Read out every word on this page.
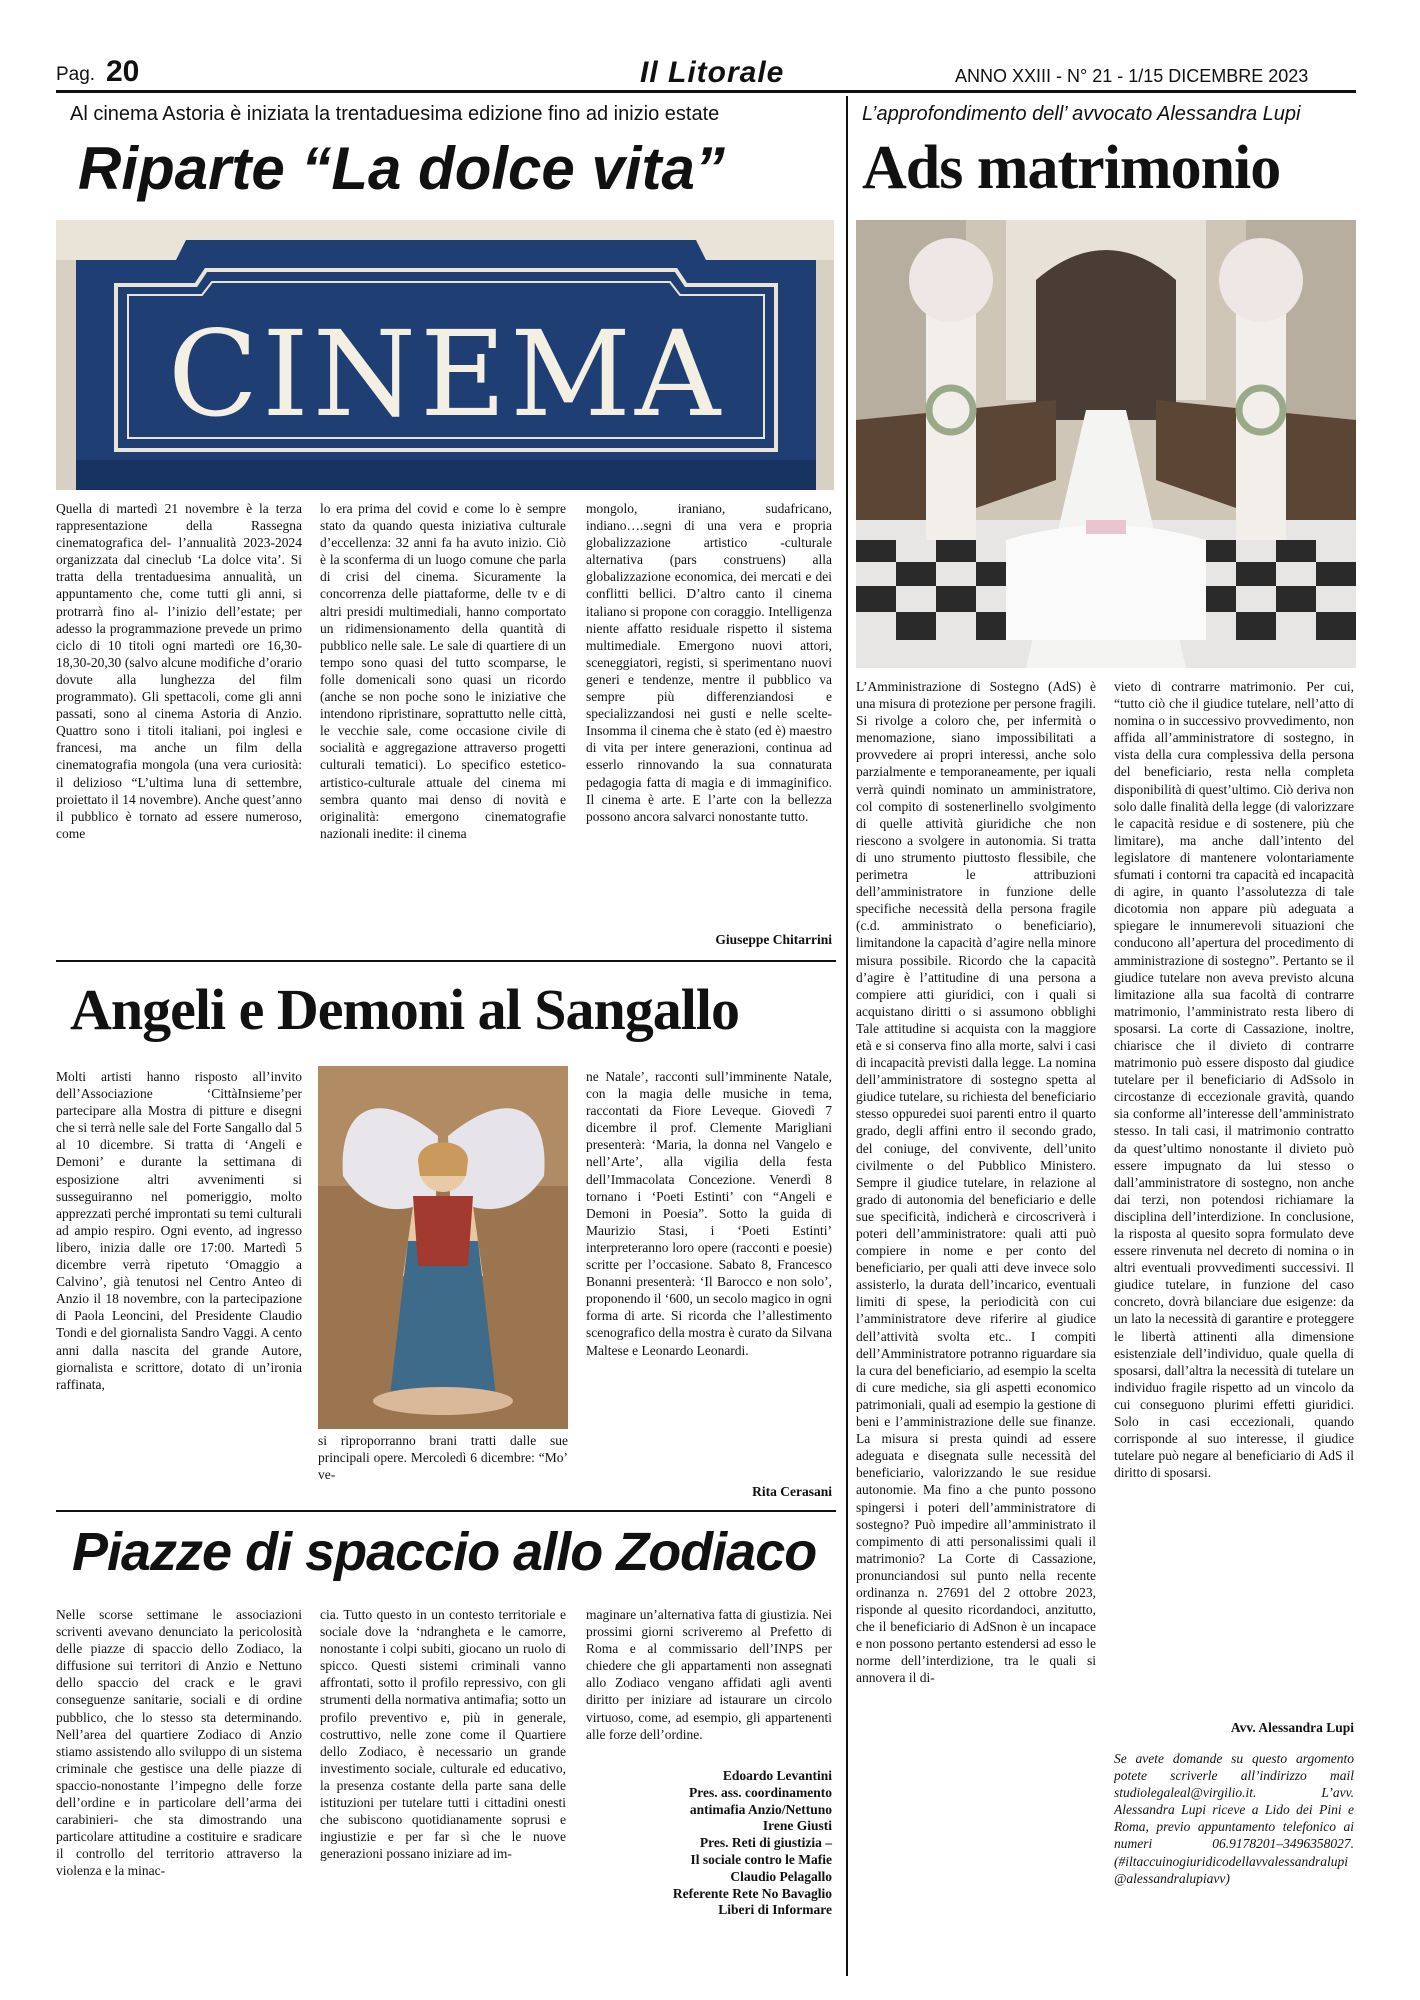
Pag. 20	Il Litorale	ANNO XXIII - N° 21 - 1/15 DICEMBRE 2023
Al cinema Astoria è iniziata la trentaduesima edizione fino ad inizio estate
Riparte “La dolce vita”
CINEMA

Quella di martedì 21 novembre è la terza rappresentazione della Rassegna cinematografica del- l’annualità 2023-2024 organizzata dal cineclub ‘La dolce vita’. Si tratta della trentaduesima annualità, un appuntamento che, come tutti gli anni, si protrarrà fino al- l’inizio dell’estate; per adesso la programmazione prevede un primo ciclo di 10 titoli ogni martedì ore 16,30-18,30-20,30 (salvo alcune modifiche d’orario dovute alla lunghezza del film programmato). Gli spettacoli, come gli anni passati, sono al cinema Astoria di Anzio. Quattro sono i titoli italiani, poi inglesi e francesi, ma anche un film della cinematografia mongola (una vera curiosità: il delizioso “L’ultima luna di settembre, proiettato il 14 novembre). Anche quest’anno il pubblico è tornato ad essere numeroso, come

lo era prima del covid e come lo è sempre stato da quando questa iniziativa culturale d’eccellenza: 32 anni fa ha avuto inizio. Ciò è la sconferma di un luogo comune che parla di crisi del cinema. Sicuramente la concorrenza delle piattaforme, delle tv e di altri presidi multimediali, hanno comportato un ridimensionamento della quantità di pubblico nelle sale. Le sale di quartiere di un tempo sono quasi del tutto scomparse, le folle domenicali sono quasi un ricordo (anche se non poche sono le iniziative che intendono ripristinare, soprattutto nelle città, le vecchie sale, come occasione civile di socialità e aggregazione attraverso progetti culturali tematici). Lo specifico estetico-artistico-culturale attuale del cinema mi sembra quanto mai denso di novità e originalità: emergono cinematografie nazionali inedite: il cinema

mongolo, iraniano, sudafricano, indiano….segni di una vera e propria globalizzazione artistico -culturale alternativa (pars construens) alla globalizzazione economica, dei mercati e dei conflitti bellici. D’altro canto il cinema italiano si propone con coraggio. Intelligenza niente affatto residuale rispetto il sistema multimediale. Emergono nuovi attori, sceneggiatori, registi, si sperimentano nuovi generi e tendenze, mentre il pubblico va sempre più differenziandosi e specializzandosi nei gusti e nelle scelte- Insomma il cinema che è stato (ed è) maestro di vita per intere generazioni, continua ad esserlo rinnovando la sua connaturata pedagogia fatta di magia e di immaginifico. Il cinema è arte. E l’arte con la bellezza possono ancora salvarci nonostante tutto.

Giuseppe Chitarrini
Angeli e Demoni al Sangallo

Molti artisti hanno risposto all’invito dell’Associazione ‘CittàInsieme’per partecipare alla Mostra di pitture e disegni che si terrà nelle sale del Forte Sangallo dal 5 al 10 dicembre. Si tratta di ‘Angeli e Demoni’ e durante la settimana di esposizione altri avvenimenti si susseguiranno nel pomeriggio, molto apprezzati perché improntati su temi culturali ad ampio respiro. Ogni evento, ad ingresso libero, inizia dalle ore 17:00. Martedì 5 dicembre verrà ripetuto ‘Omaggio a Calvino’, già tenutosi nel Centro Anteo di Anzio il 18 novembre, con la partecipazione di Paola Leoncini, del Presidente Claudio Tondi e del giornalista Sandro Vaggi. A cento anni dalla nascita del grande Autore, giornalista e scrittore, dotato di un’ironia raffinata,

si riproporranno brani tratti dalle sue principali opere. Mercoledì 6 dicembre: “Mo’ ve-

ne Natale’, racconti sull’imminente Natale, con la magia delle musiche in tema, raccontati da Fiore Leveque. Giovedì 7 dicembre il prof. Clemente Marigliani presenterà: ‘Maria, la donna nel Vangelo e nell’Arte’, alla vigilia della festa dell’Immacolata Concezione. Venerdì 8 tornano i ‘Poeti Estinti’ con “Angeli e Demoni in Poesia”. Sotto la guida di Maurizio Stasi, i ‘Poeti Estinti’ interpreteranno loro opere (racconti e poesie) scritte per l’occasione. Sabato 8, Francesco Bonanni presenterà: ‘Il Barocco e non solo’, proponendo il ‘600, un secolo magico in ogni forma di arte. Si ricorda che l’allestimento scenografico della mostra è curato da Silvana Maltese e Leonardo Leonardi.

Rita Cerasani
Piazze di spaccio allo Zodiaco

Nelle scorse settimane le associazioni scriventi avevano denunciato la pericolosità delle piazze di spaccio dello Zodiaco, la diffusione sui territori di Anzio e Nettuno dello spaccio del crack e le gravi conseguenze sanitarie, sociali e di ordine pubblico, che lo stesso sta determinando. Nell’area del quartiere Zodiaco di Anzio stiamo assistendo allo sviluppo di un sistema criminale che gestisce una delle piazze di spaccio-nonostante l’impegno delle forze dell’ordine e in particolare dell’arma dei carabinieri- che sta dimostrando una particolare attitudine a costituire e sradicare il controllo del territorio attraverso la violenza e la minac-

cia. Tutto questo in un contesto territoriale e sociale dove la ‘ndrangheta e le camorre, nonostante i colpi subiti, giocano un ruolo di spicco. Questi sistemi criminali vanno affrontati, sotto il profilo repressivo, con gli strumenti della normativa antimafia; sotto un profilo preventivo e, più in generale, costruttivo, nelle zone come il Quartiere dello Zodiaco, è necessario un grande investimento sociale, culturale ed educativo, la presenza costante della parte sana delle istituzioni per tutelare tutti i cittadini onesti che subiscono quotidianamente soprusi e ingiustizie e per far sì che le nuove generazioni possano iniziare ad im-

maginare un’alternativa fatta di giustizia. Nei prossimi giorni scriveremo al Prefetto di Roma e al commissario dell’INPS per chiedere che gli appartamenti non assegnati allo Zodiaco vengano affidati agli aventi diritto per iniziare ad istaurare un circolo virtuoso, come, ad esempio, gli appartenenti alle forze dell’ordine.

Edoardo Levantini
Pres. ass. coordinamento
antimafia Anzio/Nettuno
Irene Giusti
Pres. Reti di giustizia –
Il sociale contro le Mafie
Claudio Pelagallo
Referente Rete No Bavaglio
Liberi di Informare
L’approfondimento dell’ avvocato Alessandra Lupi
Ads matrimonio

L’Amministrazione di Sostegno (AdS) è una misura di protezione per persone fragili. Si rivolge a coloro che, per infermità o menomazione, siano impossibilitati a provvedere ai propri interessi, anche solo parzialmente e temporaneamente, per iquali verrà quindi nominato un amministratore, col compito di sostenerlinello svolgimento di quelle attività giuridiche che non riescono a svolgere in autonomia. Si tratta di uno strumento piuttosto flessibile, che perimetra le attribuzioni dell’amministratore in funzione delle specifiche necessità della persona fragile (c.d. amministrato o beneficiario), limitandone la capacità d’agire nella minore misura possibile. Ricordo che la capacità d’agire è l’attitudine di una persona a compiere atti giuridici, con i quali si acquistano diritti o si assumono obblighi Tale attitudine si acquista con la maggiore età e si conserva fino alla morte, salvi i casi di incapacità previsti dalla legge. La nomina dell’amministratore di sostegno spetta al giudice tutelare, su richiesta del beneficiario stesso oppuredei suoi parenti entro il quarto grado, degli affini entro il secondo grado, del coniuge, del convivente, dell’unito civilmente o del Pubblico Ministero. Sempre il giudice tutelare, in relazione al grado di autonomia del beneficiario e delle sue specificità, indicherà e circoscriverà i poteri dell’amministratore: quali atti può compiere in nome e per conto del beneficiario, per quali atti deve invece solo assisterlo, la durata dell’incarico, eventuali limiti di spese, la periodicità con cui l’amministratore deve riferire al giudice dell’attività svolta etc.. I compiti dell’Amministratore potranno riguardare sia la cura del beneficiario, ad esempio la scelta di cure mediche, sia gli aspetti economico patrimoniali, quali ad esempio la gestione di beni e l’amministrazione delle sue finanze. La misura si presta quindi ad essere adeguata e disegnata sulle necessità del beneficiario, valorizzando le sue residue autonomie. Ma fino a che punto possono spingersi i poteri dell’amministratore di sostegno? Può impedire all’amministrato il compimento di atti personalissimi quali il matrimonio? La Corte di Cassazione, pronunciandosi sul punto nella recente ordinanza n. 27691 del 2 ottobre 2023, risponde al quesito ricordandoci, anzitutto, che il beneficiario di AdSnon è un incapace e non possono pertanto estendersi ad esso le norme dell’interdizione, tra le quali si annovera il di-

vieto di contrarre matrimonio. Per cui, “tutto ciò che il giudice tutelare, nell’atto di nomina o in successivo provvedimento, non affida all’amministratore di sostegno, in vista della cura complessiva della persona del beneficiario, resta nella completa disponibilità di quest’ultimo. Ciò deriva non solo dalle finalità della legge (di valorizzare le capacità residue e di sostenere, più che limitare), ma anche dall’intento del legislatore di mantenere volontariamente sfumati i contorni tra capacità ed incapacità di agire, in quanto l’assolutezza di tale dicotomia non appare più adeguata a spiegare le innumerevoli situazioni che conducono all’apertura del procedimento di amministrazione di sostegno”. Pertanto se il giudice tutelare non aveva previsto alcuna limitazione alla sua facoltà di contrarre matrimonio, l’amministrato resta libero di sposarsi. La corte di Cassazione, inoltre, chiarisce che il divieto di contrarre matrimonio può essere disposto dal giudice tutelare per il beneficiario di AdSsolo in circostanze di eccezionale gravità, quando sia conforme all’interesse dell’amministrato stesso. In tali casi, il matrimonio contratto da quest’ultimo nonostante il divieto può essere impugnato da lui stesso o dall’amministratore di sostegno, non anche dai terzi, non potendosi richiamare la disciplina dell’interdizione. In conclusione, la risposta al quesito sopra formulato deve essere rinvenuta nel decreto di nomina o in altri eventuali provvedimenti successivi. Il giudice tutelare, in funzione del caso concreto, dovrà bilanciare due esigenze: da un lato la necessità di garantire e proteggere le libertà attinenti alla dimensione esistenziale dell’individuo, quale quella di sposarsi, dall’altra la necessità di tutelare un individuo fragile rispetto ad un vincolo da cui conseguono plurimi effetti giuridici. Solo in casi eccezionali, quando corrisponde al suo interesse, il giudice tutelare può negare al beneficiario di AdS il diritto di sposarsi.

Avv. Alessandra Lupi

Se avete domande su questo argomento potete scriverle all’indirizzo mail studiolegaleal@virgilio.it. L’avv. Alessandra Lupi riceve a Lido dei Pini e Roma, previo appuntamento telefonico ai numeri 06.9178201–3496358027. (#iltaccuinogiuridicodellavvalessandralupi @alessandralupiavv)
